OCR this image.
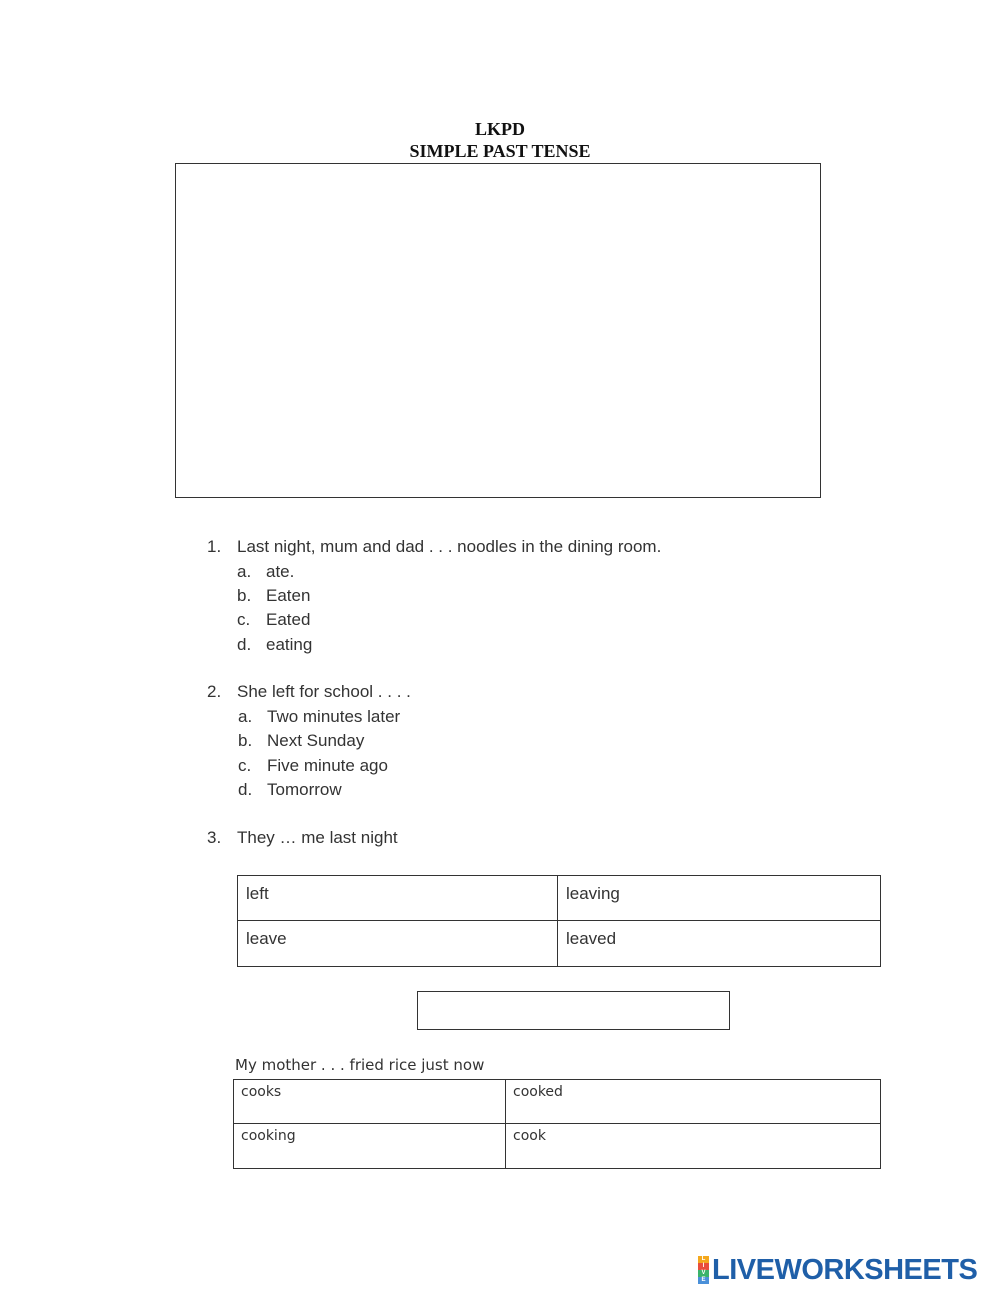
LKPD
SIMPLE PAST TENSE
1. Last night, mum and dad . . . noodles in the dining room.
a. ate.
b. Eaten
c. Eated
d. eating
2. She left for school . . . .
a. Two minutes later
b. Next Sunday
c. Five minute ago
d. Tomorrow
3. They … me last night
left	leaving
leave	leaved
My mother . . . fried rice just now
cooks	cooked
cooking	cook
L
I
V
E LIVEWORKSHEETS
